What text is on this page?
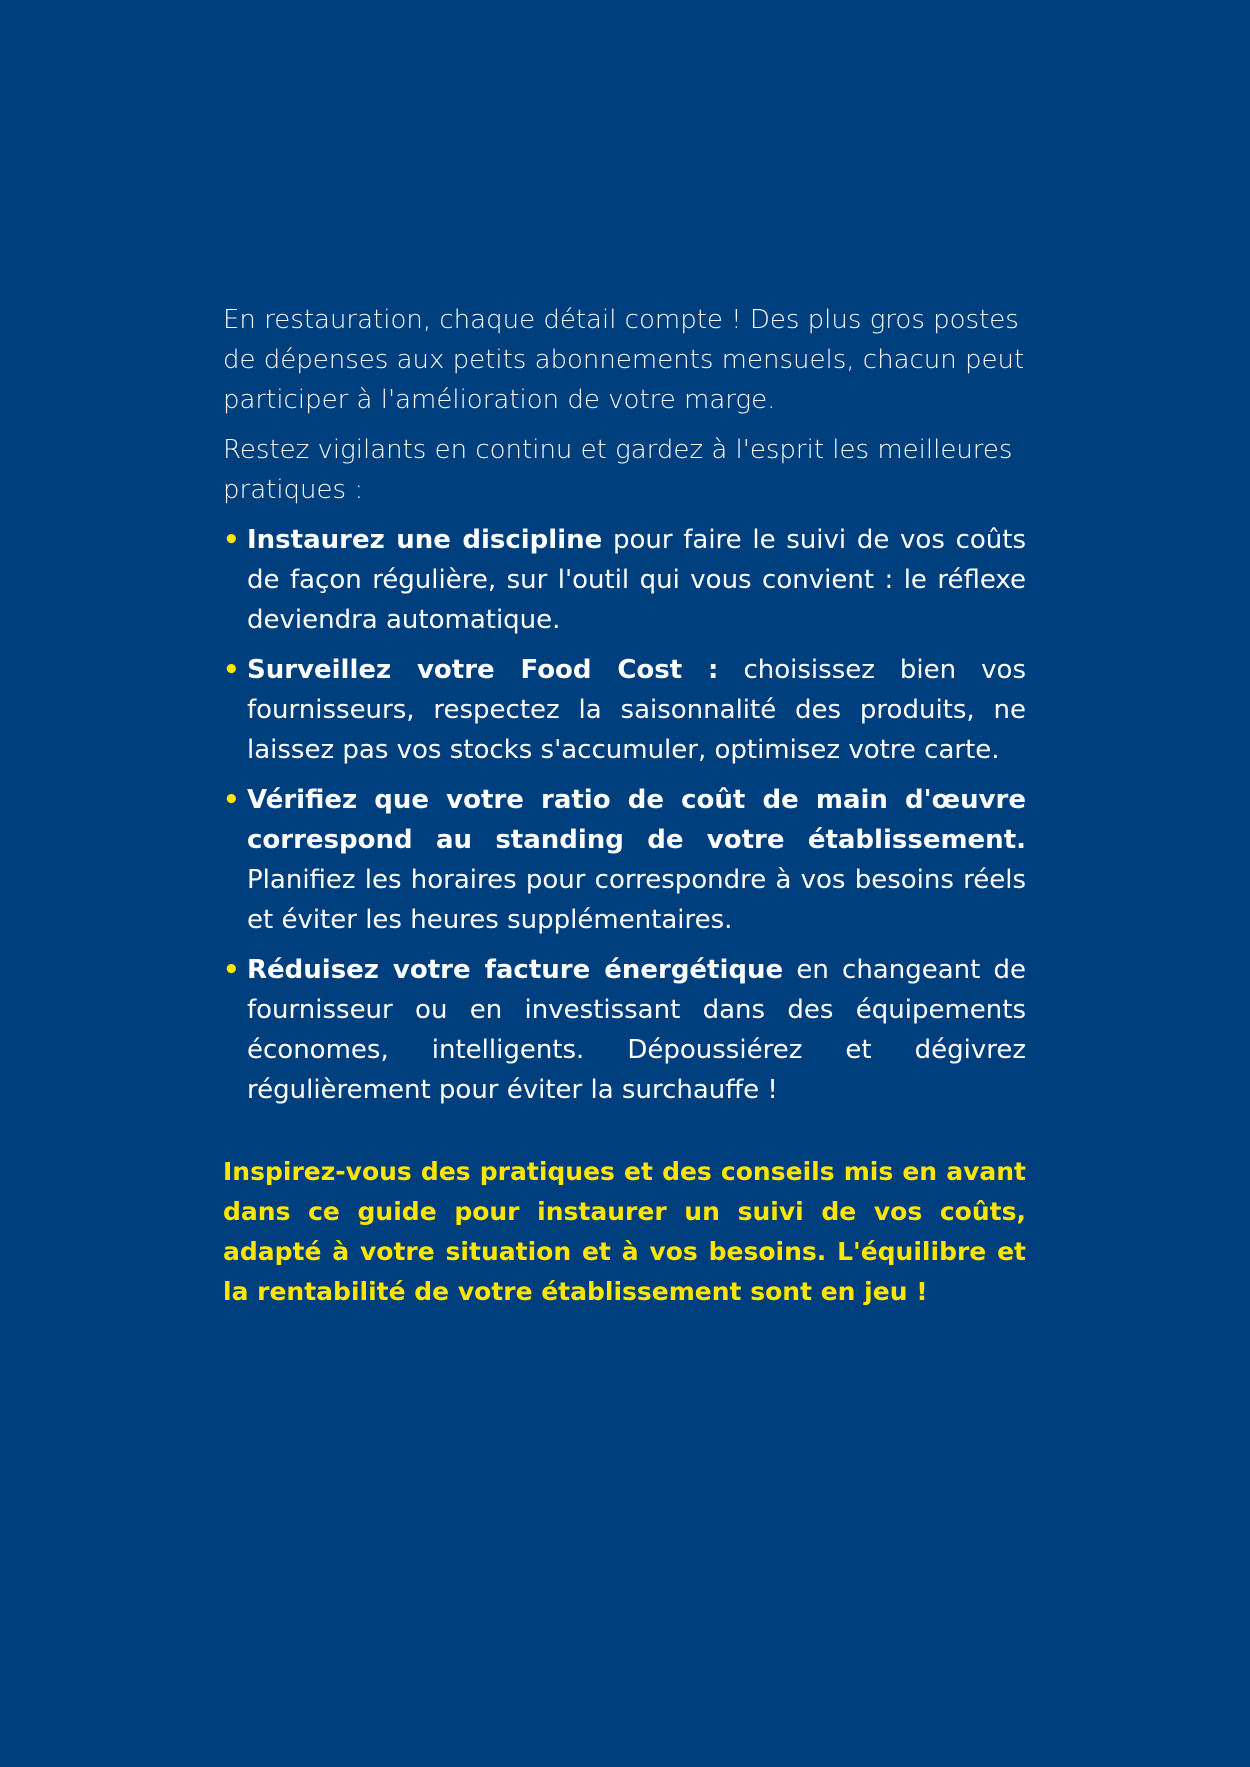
En restauration, chaque détail compte ! Des plus gros postes de dépenses aux petits abonnements mensuels, chacun peut participer à l'amélioration de votre marge.

Restez vigilants en continu et gardez à l'esprit les meilleures pratiques :

• Instaurez une discipline pour faire le suivi de vos coûts de façon régulière, sur l'outil qui vous convient : le réflexe deviendra automatique.
• Surveillez votre Food Cost : choisissez bien vos fournisseurs, respectez la saisonnalité des produits, ne laissez pas vos stocks s'accumuler, optimisez votre carte.
• Vérifiez que votre ratio de coût de main d'œuvre correspond au standing de votre établissement. Planifiez les horaires pour correspondre à vos besoins réels et éviter les heures supplémentaires.
• Réduisez votre facture énergétique en changeant de fournisseur ou en investissant dans des équipements économes, intelligents. Dépoussiérez et dégivrez régulièrement pour éviter la surchauffe !

Inspirez-vous des pratiques et des conseils mis en avant dans ce guide pour instaurer un suivi de vos coûts, adapté à votre situation et à vos besoins. L'équilibre et la rentabilité de votre établissement sont en jeu !
